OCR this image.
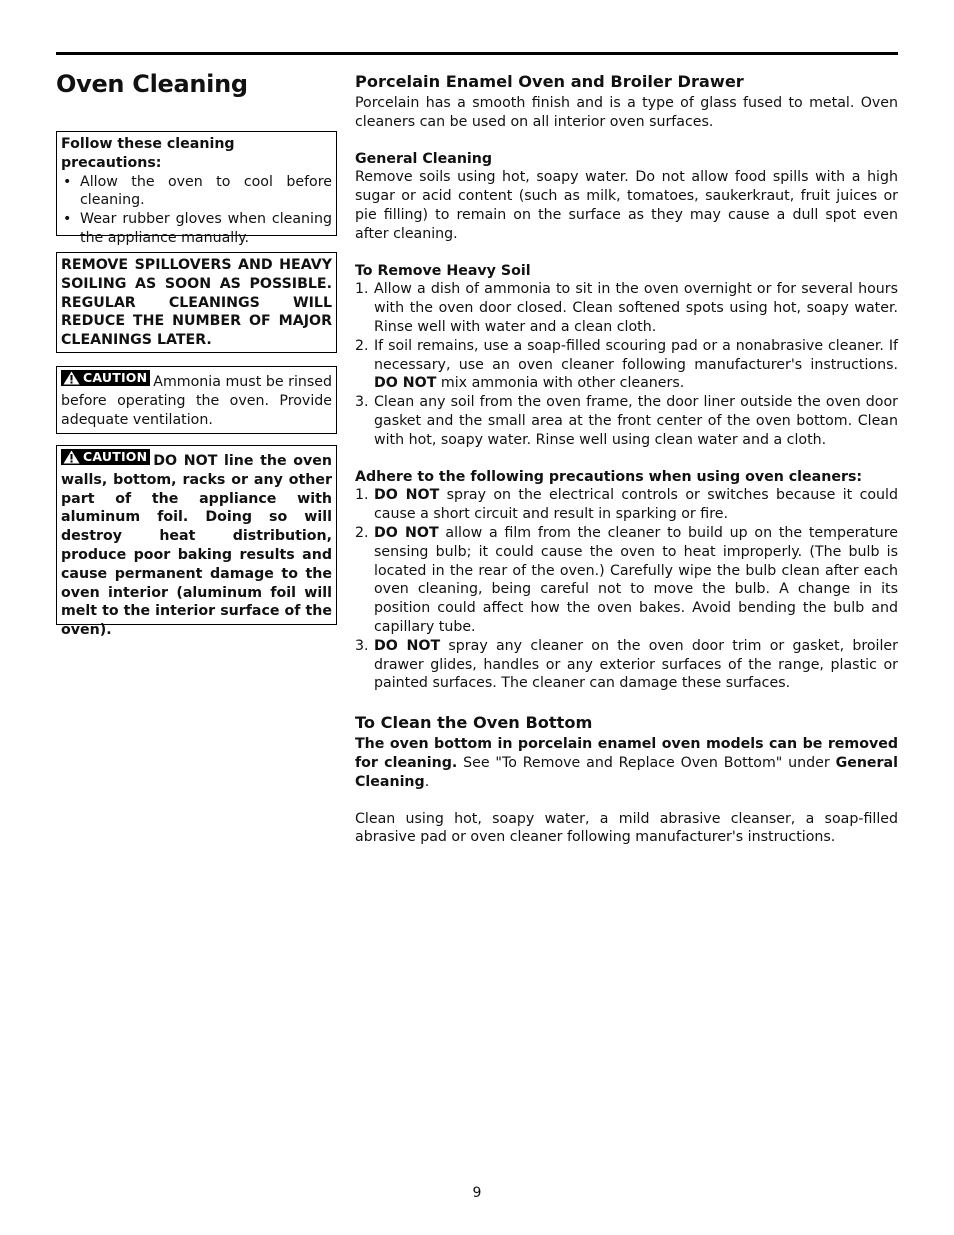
Oven Cleaning
Follow these cleaning precautions:
• Allow the oven to cool before cleaning.
• Wear rubber gloves when cleaning the appliance manually.
REMOVE SPILLOVERS AND HEAVY SOILING AS SOON AS POSSIBLE. REGULAR CLEANINGS WILL REDUCE THE NUMBER OF MAJOR CLEANINGS LATER.
CAUTION Ammonia must be rinsed before operating the oven. Provide adequate ventilation.
CAUTION DO NOT line the oven walls, bottom, racks or any other part of the appliance with aluminum foil. Doing so will destroy heat distribution, produce poor baking results and cause permanent damage to the oven interior (aluminum foil will melt to the interior surface of the oven).
Porcelain Enamel Oven and Broiler Drawer

Porcelain has a smooth finish and is a type of glass fused to metal. Oven cleaners can be used on all interior oven surfaces.

General Cleaning

Remove soils using hot, soapy water. Do not allow food spills with a high sugar or acid content (such as milk, tomatoes, saukerkraut, fruit juices or pie filling) to remain on the surface as they may cause a dull spot even after cleaning.

To Remove Heavy Soil
1. Allow a dish of ammonia to sit in the oven overnight or for several hours with the oven door closed. Clean softened spots using hot, soapy water. Rinse well with water and a clean cloth.
2. If soil remains, use a soap-filled scouring pad or a nonabrasive cleaner. If necessary, use an oven cleaner following manufacturer's instructions. DO NOT mix ammonia with other cleaners.
3. Clean any soil from the oven frame, the door liner outside the oven door gasket and the small area at the front center of the oven bottom. Clean with hot, soapy water. Rinse well using clean water and a cloth.
Adhere to the following precautions when using oven cleaners:
1. DO NOT spray on the electrical controls or switches because it could cause a short circuit and result in sparking or fire.
2. DO NOT allow a film from the cleaner to build up on the temperature sensing bulb; it could cause the oven to heat improperly. (The bulb is located in the rear of the oven.) Carefully wipe the bulb clean after each oven cleaning, being careful not to move the bulb. A change in its position could affect how the oven bakes. Avoid bending the bulb and capillary tube.
3. DO NOT spray any cleaner on the oven door trim or gasket, broiler drawer glides, handles or any exterior surfaces of the range, plastic or painted surfaces. The cleaner can damage these surfaces.
To Clean the Oven Bottom

The oven bottom in porcelain enamel oven models can be removed for cleaning. See "To Remove and Replace Oven Bottom" under General Cleaning.

Clean using hot, soapy water, a mild abrasive cleanser, a soap-filled abrasive pad or oven cleaner following manufacturer's instructions.

9
